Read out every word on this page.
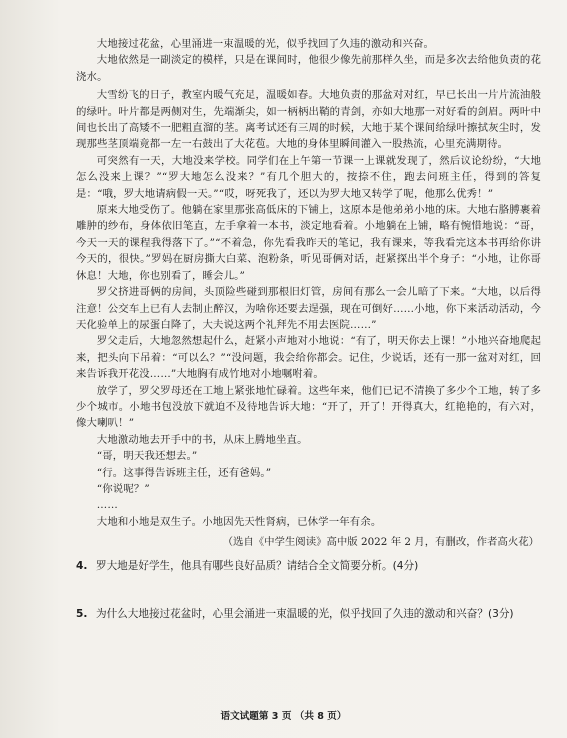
大地接过花盆，心里涌进一束温暖的光，似乎找回了久违的激动和兴奋。

大地依然是一副淡定的模样，只是在课间时，他很少像先前那样久坐，而是多次去给他负责的花浇水。

大雪纷飞的日子，教室内暖气充足，温暖如春。大地负责的那盆对对红，早已长出一片片流油般的绿叶。叶片都是两侧对生，先端渐尖，如一柄柄出鞘的青剑，亦如大地那一对好看的剑眉。两叶中间也长出了高矮不一肥粗直溜的茎。离考试还有三周的时候，大地于某个课间给绿叶擦拭灰尘时，发现那些茎顶端竟都一左一右鼓出了大花苞。大地的身体里瞬间灌入一股热流，心里充满期待。

可突然有一天，大地没来学校。同学们在上午第一节课一上课就发现了，然后议论纷纷，“大地怎么没来上课？”“罗大地怎么没来？”有几个胆大的，按捺不住，跑去问班主任，得到的答复是：“哦，罗大地请病假一天。”“哎，呀死我了，还以为罗大地又转学了呢，他那么优秀！”

原来大地受伤了。他躺在家里那张高低床的下铺上，这原本是他弟弟小地的床。大地右胳膊裹着雕肿的纱布，身体依旧笔直，左手拿着一本书，淡定地看着。小地躺在上铺，略有惋惜地说：“哥，今天一天的课程我得落下了。”“不着急，你先看我昨天的笔记，我有课来，等我看完这本书再给你讲今天的，很快。”罗妈在厨房撕大白菜、泡粉条，听见哥俩对话，赶紧探出半个身子：“小地，让你哥休息！大地，你也别看了，睡会儿。”

罗父挤进哥俩的房间，头顶险些碰到那根旧灯管，房间有那么一会儿暗了下来。“大地，以后得注意！公交车上已有人去制止醉汉，为啥你还要去逞强，现在可倒好……小地，你下来活动活动，今天化验单上的尿蛋白降了，大夫说这两个礼拜先不用去医院……”

罗父走后，大地忽然想起什么，赶紧小声地对小地说：“有了，明天你去上课！”小地兴奋地爬起来，把头向下吊着：“可以么？”“没问题，我会给你都会。记住，少说话，还有一那一盆对对红，回来告诉我开花没……”大地胸有成竹地对小地嘱咐着。

放学了，罗父罗母还在工地上紧张地忙碌着。这些年来，他们已记不清换了多少个工地，转了多少个城市。小地书包没放下就迫不及待地告诉大地：“开了，开了！开得真大，红艳艳的，有六对，像大喇叭！”

大地激动地去开手中的书，从床上腾地坐直。

“哥，明天我还想去。”

“行。这事得告诉班主任，还有爸妈。”

“你说呢？”

……

大地和小地是双生子。小地因先天性肾病，已休学一年有余。

（选自《中学生阅读》高中版 2022 年 2 月，有删改，作者高火花）
4. 罗大地是好学生，他具有哪些良好品质？请结合全文简要分析。(4分)
5. 为什么大地接过花盆时，心里会涌进一束温暖的光，似乎找回了久违的激动和兴奋？(3分)
语文试题第 3 页 （共 8 页）
